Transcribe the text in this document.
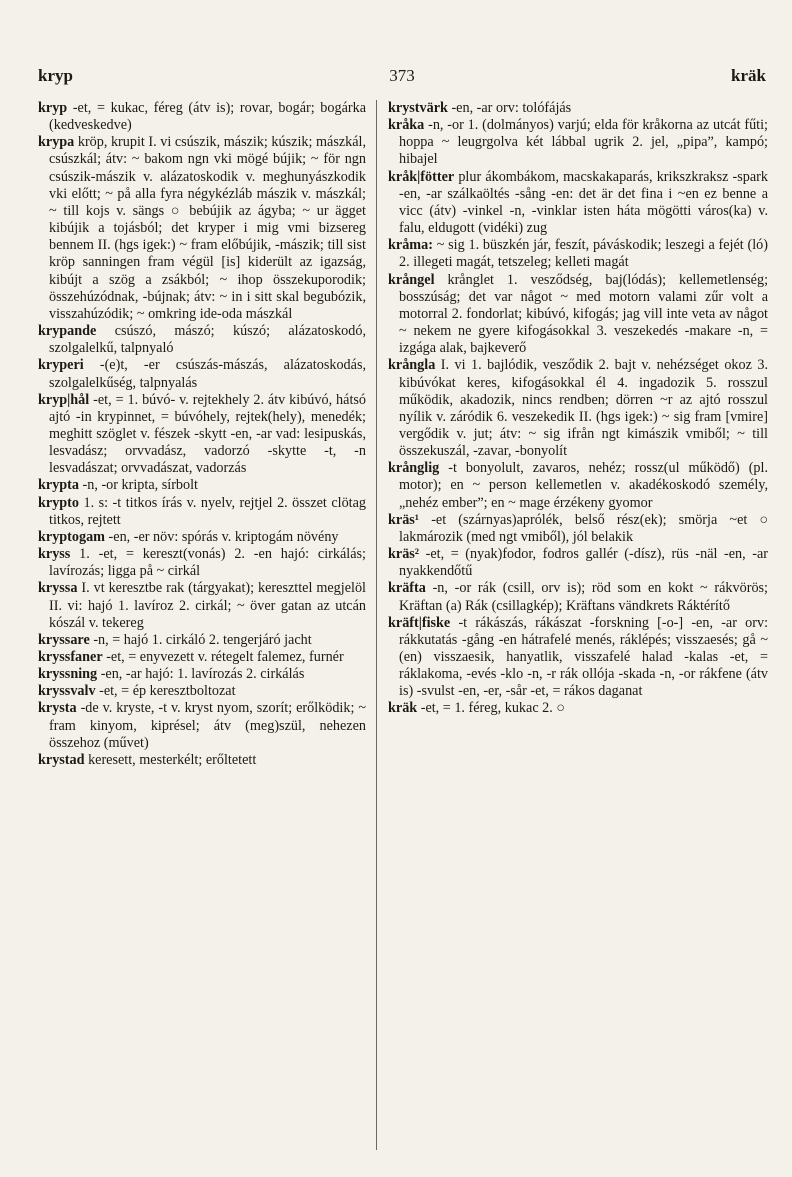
kryp	373	kräk

kryp -et, = kukac, féreg (átv is); rovar, bogár; bogárka (kedveskedve)

krypa kröp, krupit I. vi csúszik, mászik; kúszik; mászkál, csúszkál; átv: ~ bakom ngn vki mögé bújik; ~ för ngn csúszik-mászik v. alázatoskodik v. meghunyászkodik vki előtt; ~ på alla fyra négykézláb mászik v. mászkál; ~ till kojs v. sängs ○ bebújik az ágyba; ~ ur ägget kibújik a tojásból; det kryper i mig vmi bizsereg bennem II. (hgs igek:) ~ fram előbújik, -mászik; till sist kröp sanningen fram végül [is] kiderült az igazság, kibújt a szög a zsákból; ~ ihop összekuporodik; összehúzódnak, -bújnak; átv: ~ in i sitt skal begubózik, visszahúzódik; ~ omkring ide-oda mászkál

krypande csúszó, mászó; kúszó; alázatoskodó, szolgalelkű, talpnyaló

kryperi -(e)t, -er csúszás-mászás, alázatoskodás, szolgalelkűség, talpnyalás

kryp|hål -et, = 1. búvó- v. rejtekhely 2. átv kibúvó, hátsó ajtó -in krypinnet, = búvóhely, rejtek(hely), menedék; meghitt szöglet v. fészek -skytt -en, -ar vad: lesipuskás, lesvadász; orvvadász, vadorzó -skytte -t, -n lesvadászat; orvvadászat, vadorzás

krypta -n, -or kripta, sírbolt

krypto 1. s: -t titkos írás v. nyelv, rejtjel 2. összet clötag titkos, rejtett

kryptogam -en, -er növ: spórás v. kriptogám növény

kryss 1. -et, = kereszt(vonás) 2. -en hajó: cirkálás; lavírozás; ligga på ~ cirkál

kryssa I. vt keresztbe rak (tárgyakat); kereszttel megjelöl II. vi: hajó 1. lavíroz 2. cirkál; ~ över gatan az utcán kószál v. tekereg

kryssare -n, = hajó 1. cirkáló 2. tengerjáró jacht

kryssfaner -et, = enyvezett v. rétegelt falemez, furnér

kryssning -en, -ar hajó: 1. lavírozás 2. cirkálás

kryssvalv -et, = ép keresztboltozat

krysta -de v. kryste, -t v. kryst nyom, szorít; erőlködik; ~ fram kinyom, kiprésel; átv (meg)szül, nehezen összehoz (művet)

krystad keresett, mesterkélt; erőltetett

krystvärk -en, -ar orv: tolófájás

kråka -n, -or 1. (dolmányos) varjú; elda för kråkorna az utcát fűti; hoppa ~ leugrgolva két lábbal ugrik 2. jel, „pipa”, kampó; hibajel

kråk|fötter plur ákombákom, macskakaparás, krikszkraksz -spark -en, -ar szálkaöltés -sång -en: det är det fina i ~en ez benne a vicc (átv) -vinkel -n, -vinklar isten háta mögötti város(ka) v. falu, eldugott (vidéki) zug

kråma: ~ sig 1. büszkén jár, feszít, páváskodik; leszegi a fejét (ló) 2. illegeti magát, tetszeleg; kelleti magát

krångel krånglet 1. vesződség, baj(lódás); kellemetlenség; bosszúság; det var något ~ med motorn valami zűr volt a motorral 2. fondorlat; kibúvó, kifogás; jag vill inte veta av något ~ nekem ne gyere kifogásokkal 3. veszekedés -makare -n, = izgága alak, bajkeverő

krångla I. vi 1. bajlódik, vesződik 2. bajt v. nehézséget okoz 3. kibúvókat keres, kifogásokkal él 4. ingadozik 5. rosszul működik, akadozik, nincs rendben; dörren ~r az ajtó rosszul nyílik v. záródik 6. veszekedik II. (hgs igek:) ~ sig fram [vmire] vergődik v. jut; átv: ~ sig ifrån ngt kimászik vmiből; ~ till összekuszál, -zavar, -bonyolít

krånglig -t bonyolult, zavaros, nehéz; rossz(ul működő) (pl. motor); en ~ person kellemetlen v. akadékoskodó személy, „nehéz ember”; en ~ mage érzékeny gyomor

kräs¹ -et (szárnyas)aprólék, belső rész(ek); smörja ~et ○ lakmározik (med ngt vmiből), jól belakik

kräs² -et, = (nyak)fodor, fodros gallér (-dísz), rüs -näl -en, -ar nyakkendőtű

kräfta -n, -or rák (csill, orv is); röd som en kokt ~ rákvörös; Kräftan (a) Rák (csillagkép); Kräftans vändkrets Ráktérítő

kräft|fiske -t rákászás, rákászat -forskning [-o-] -en, -ar orv: rákkutatás -gång -en hátrafelé menés, ráklépés; visszaesés; gå ~(en) visszaesik, hanyatlik, visszafelé halad -kalas -et, = ráklakoma, -evés -klo -n, -r rák ollója -skada -n, -or rákfene (átv is) -svulst -en, -er, -sår -et, = rákos daganat

kräk -et, = 1. féreg, kukac 2. ○
